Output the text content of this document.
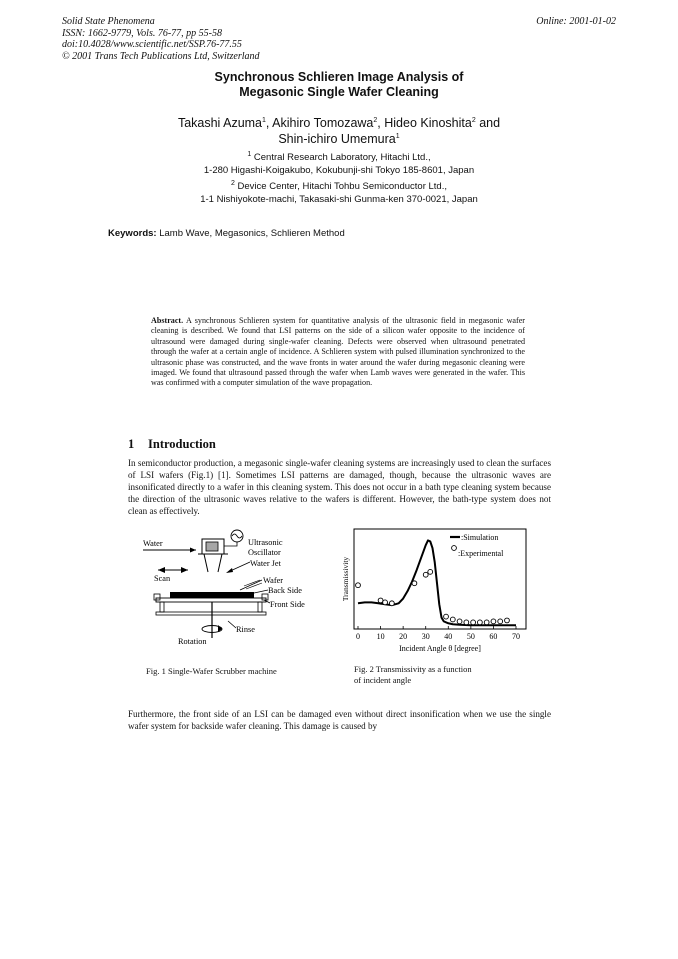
Solid State Phenomena
ISSN: 1662-9779, Vols. 76-77, pp 55-58
doi:10.4028/www.scientific.net/SSP.76-77.55
© 2001 Trans Tech Publications Ltd, Switzerland
Online: 2001-01-02
Synchronous Schlieren Image Analysis of
Megasonic Single Wafer Cleaning
Takashi Azuma$^1$, Akihiro Tomozawa$^2$, Hideo Kinoshita$^2$ and
Shin-ichiro Umemura$^1$
$^1$ Central Research Laboratory, Hitachi Ltd.,
1-280 Higashi-Koigakubo, Kokubunji-shi Tokyo 185-8601, Japan
$^2$ Device Center, Hitachi Tohbu Semiconductor Ltd.,
1-1 Nishiyokote-machi, Takasaki-shi Gunma-ken 370-0021, Japan
Keywords: Lamb Wave, Megasonics, Schlieren Method
Abstract. A synchronous Schlieren system for quantitative analysis of the ultrasonic field in megasonic wafer cleaning is described. We found that LSI patterns on the side of a silicon wafer opposite to the incidence of ultrasound were damaged during single-wafer cleaning. Defects were observed when ultrasound penetrated through the wafer at a certain angle of incidence. A Schlieren system with pulsed illumination synchronized to the ultrasonic phase was constructed, and the wave fronts in water around the wafer during megasonic cleaning were imaged. We found that ultrasound passed through the wafer when Lamb waves were generated in the wafer. This was confirmed with a computer simulation of the wave propagation.
1 Introduction
In semiconductor production, a megasonic single-wafer cleaning systems are increasingly used to clean the surfaces of LSI wafers (Fig.1) [1]. Sometimes LSI patterns are damaged, though, because the ultrasonic waves are insonificated directly to a wafer in this cleaning system. This does not occur in a bath type cleaning system because the direction of the ultrasonic waves relative to the wafers is different. However, the bath-type system does not clean as effectively.
Water	Ultrasonic
Oscillator
Water Jet
Scan	Wafer
Back Side
Front Side
Rinse
Rotation
Fig. 1 Single-Wafer Scrubber machine
0 10 20 30 40 50 60 70
Transmissivity
Incident Angle θ [degree]
:Simulation
:Experimental
Fig. 2 Transmissivity as a function
of incident angle
Furthermore, the front side of an LSI can be damaged even without direct insonification when we use the single wafer system for backside wafer cleaning. This damage is caused by
